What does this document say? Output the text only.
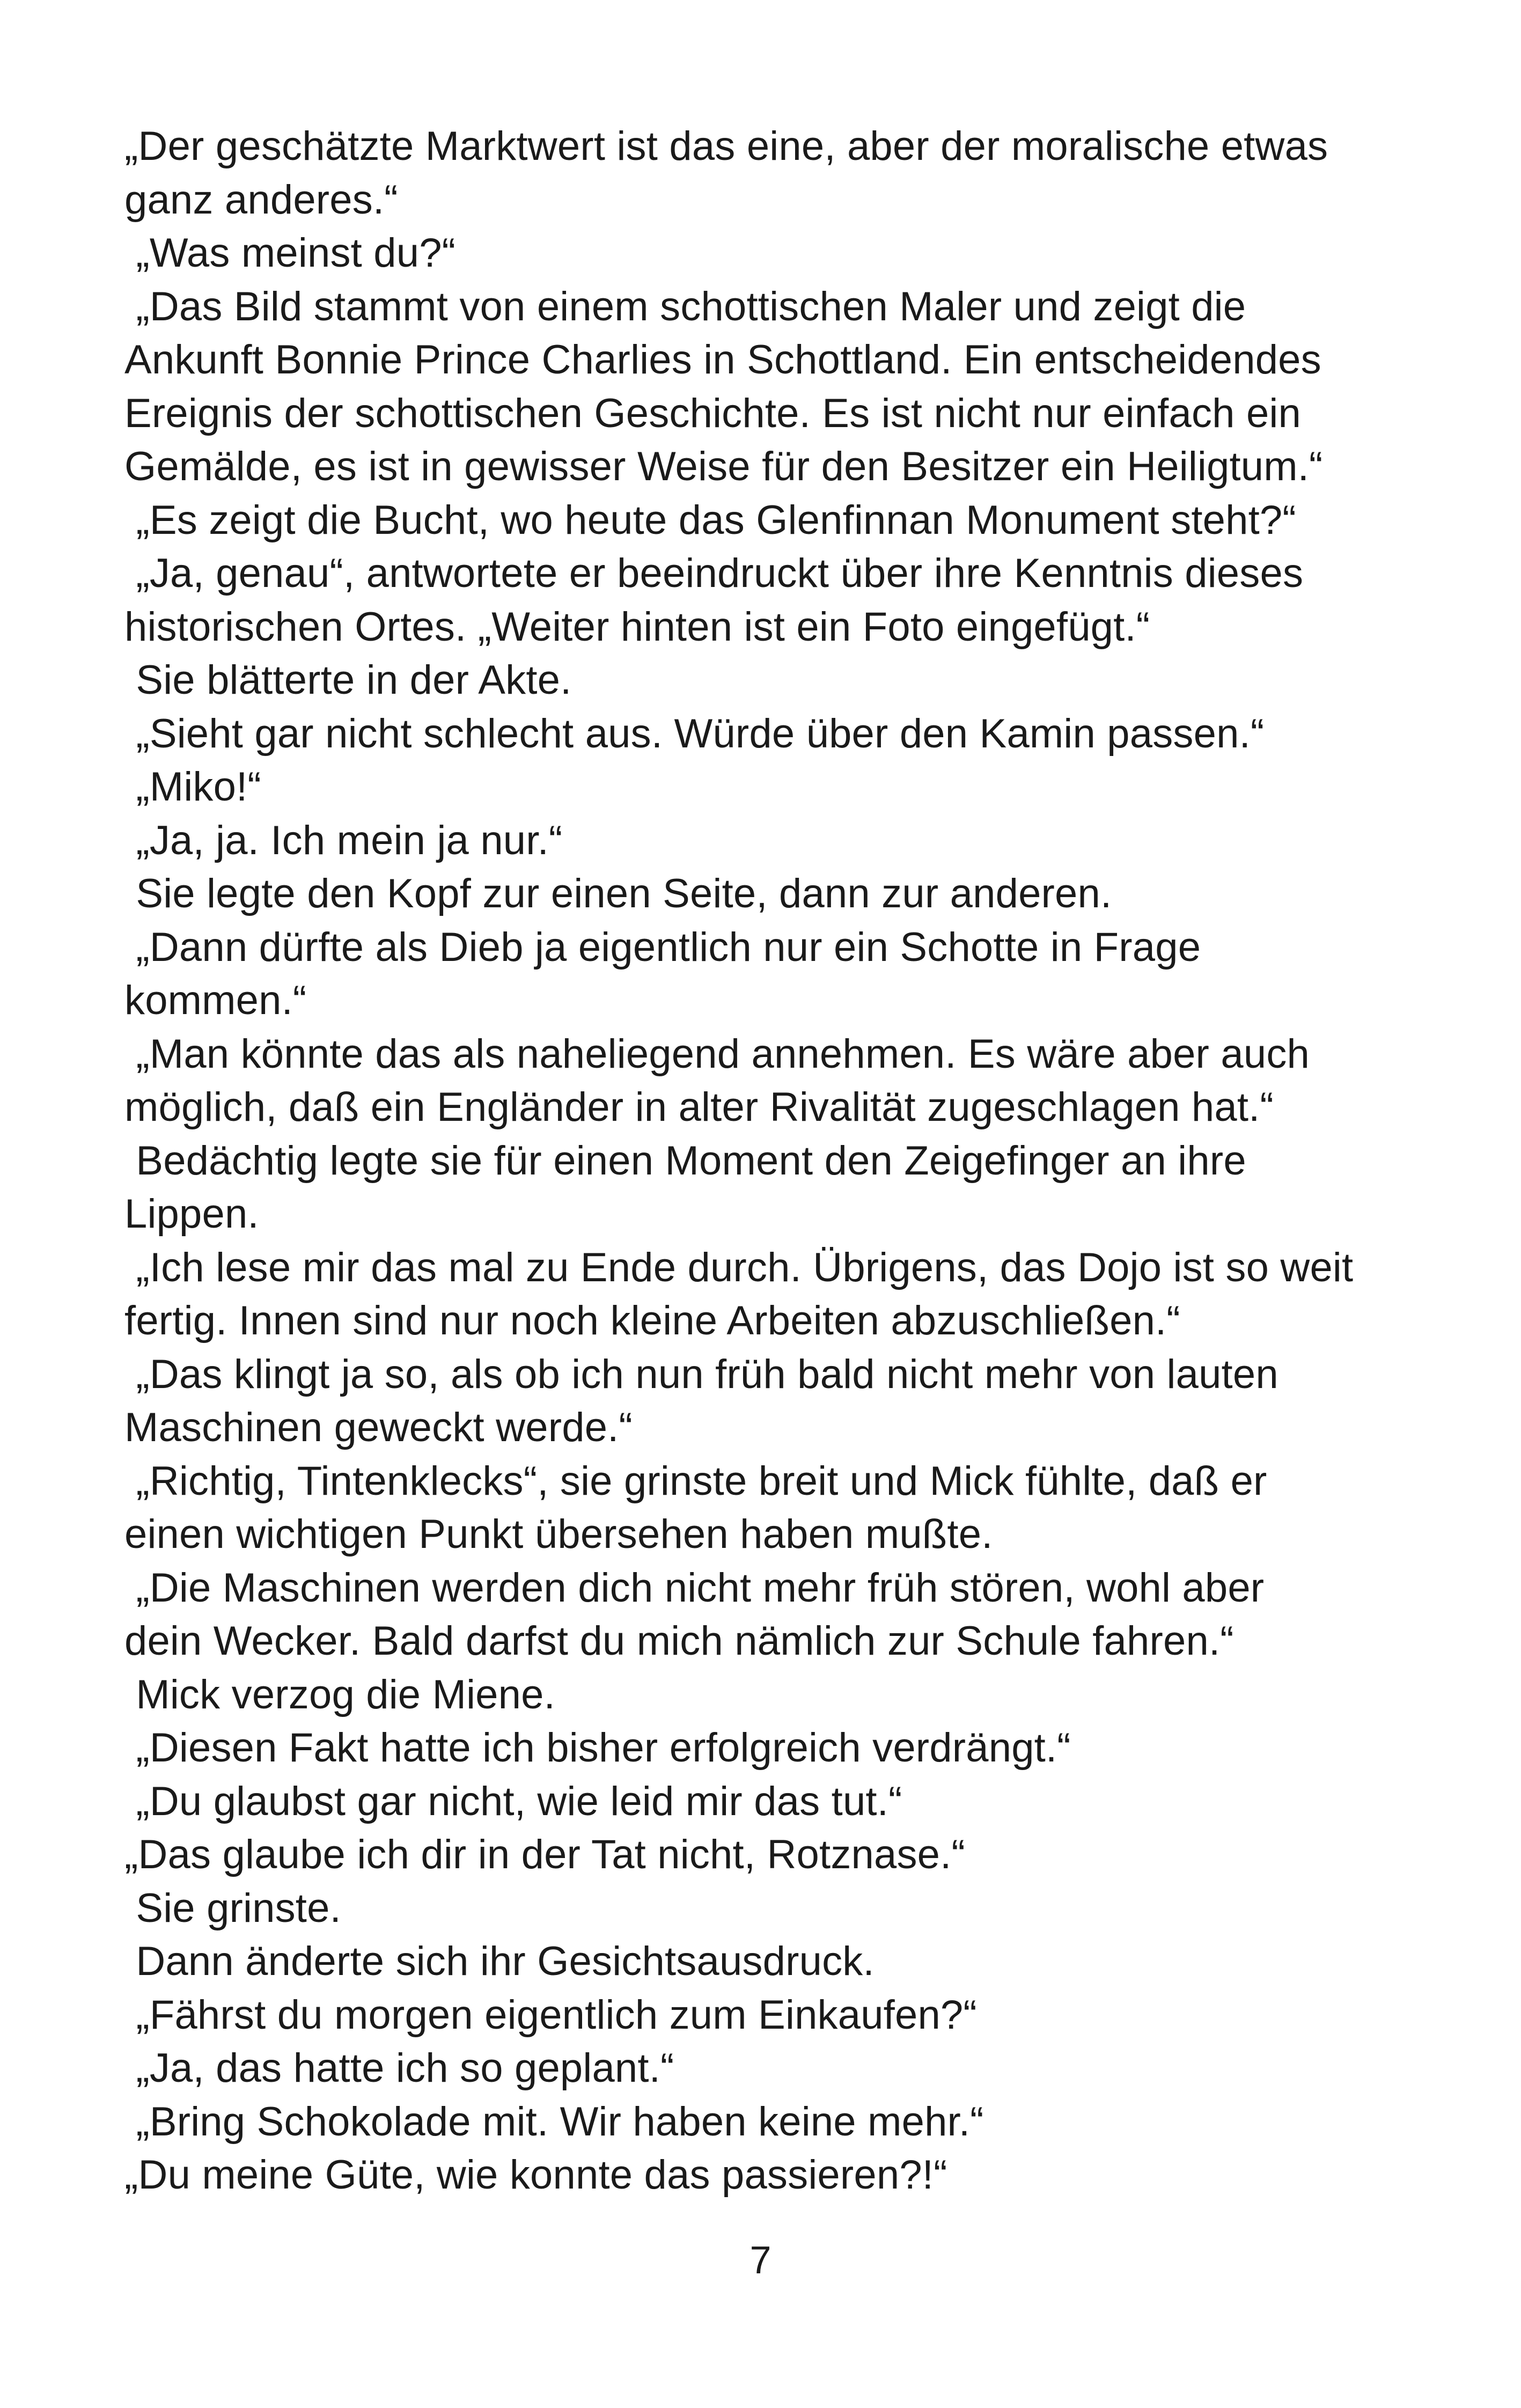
„Der geschätzte Marktwert ist das eine, aber der moralische etwas
ganz anderes.“
„Was meinst du?“
„Das Bild stammt von einem schottischen Maler und zeigt die
Ankunft Bonnie Prince Charlies in Schottland. Ein entscheidendes
Ereignis der schottischen Geschichte. Es ist nicht nur einfach ein
Gemälde, es ist in gewisser Weise für den Besitzer ein Heiligtum.“
„Es zeigt die Bucht, wo heute das Glenfinnan Monument steht?“
„Ja, genau“, antwortete er beeindruckt über ihre Kenntnis dieses
historischen Ortes. „Weiter hinten ist ein Foto eingefügt.“
Sie blätterte in der Akte.
„Sieht gar nicht schlecht aus. Würde über den Kamin passen.“
„Miko!“
„Ja, ja. Ich mein ja nur.“
Sie legte den Kopf zur einen Seite, dann zur anderen.
„Dann dürfte als Dieb ja eigentlich nur ein Schotte in Frage
kommen.“
„Man könnte das als naheliegend annehmen. Es wäre aber auch
möglich, daß ein Engländer in alter Rivalität zugeschlagen hat.“
Bedächtig legte sie für einen Moment den Zeigefinger an ihre
Lippen.
„Ich lese mir das mal zu Ende durch. Übrigens, das Dojo ist so weit
fertig. Innen sind nur noch kleine Arbeiten abzuschließen.“
„Das klingt ja so, als ob ich nun früh bald nicht mehr von lauten
Maschinen geweckt werde.“
„Richtig, Tintenklecks“, sie grinste breit und Mick fühlte, daß er
einen wichtigen Punkt übersehen haben mußte.
„Die Maschinen werden dich nicht mehr früh stören, wohl aber
dein Wecker. Bald darfst du mich nämlich zur Schule fahren.“
Mick verzog die Miene.
„Diesen Fakt hatte ich bisher erfolgreich verdrängt.“
„Du glaubst gar nicht, wie leid mir das tut.“
„Das glaube ich dir in der Tat nicht, Rotznase.“
Sie grinste.
Dann änderte sich ihr Gesichtsausdruck.
„Fährst du morgen eigentlich zum Einkaufen?“
„Ja, das hatte ich so geplant.“
„Bring Schokolade mit. Wir haben keine mehr.“
„Du meine Güte, wie konnte das passieren?!“
7
